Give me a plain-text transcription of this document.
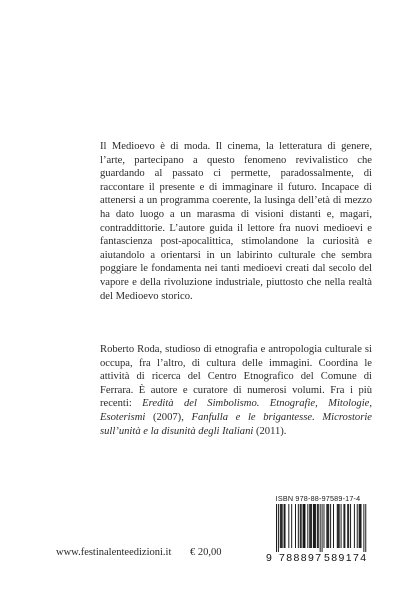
Il Medioevo è di moda. Il cinema, la letteratura di genere, l’arte, partecipano a questo fenomeno revivalistico che guardando al passato ci permette, paradossalmente, di raccontare il presente e di immaginare il futuro. Incapace di attenersi a un programma coerente, la lusinga dell’età di mezzo ha dato luogo a un marasma di visioni distanti e, magari, contraddittorie. L’autore guida il lettore fra nuovi medioevi e fantascienza post-apocalittica, stimolandone la curiosità e aiutandolo a orientarsi in un labirinto culturale che sembra poggiare le fondamenta nei tanti medioevi creati dal secolo del vapore e della rivoluzione industriale, piuttosto che nella realtà del Medioevo storico.

Roberto Roda, studioso di etnografia e antropologia culturale si occupa, fra l’altro, di cultura delle immagini. Coordina le attività di ricerca del Centro Etnografico del Comune di Ferrara. È autore e curatore di numerosi volumi. Fra i più recenti: Eredità del Simbolismo. Etnografie, Mitologie, Esoterismi (2007), Fanfulla e le brigantesse. Microstorie sull’unità e la disunità degli Italiani (2011).

ISBN 978-88-97589-17-4
9 788897 589174
www.festinalenteedizioni.it € 20,00
